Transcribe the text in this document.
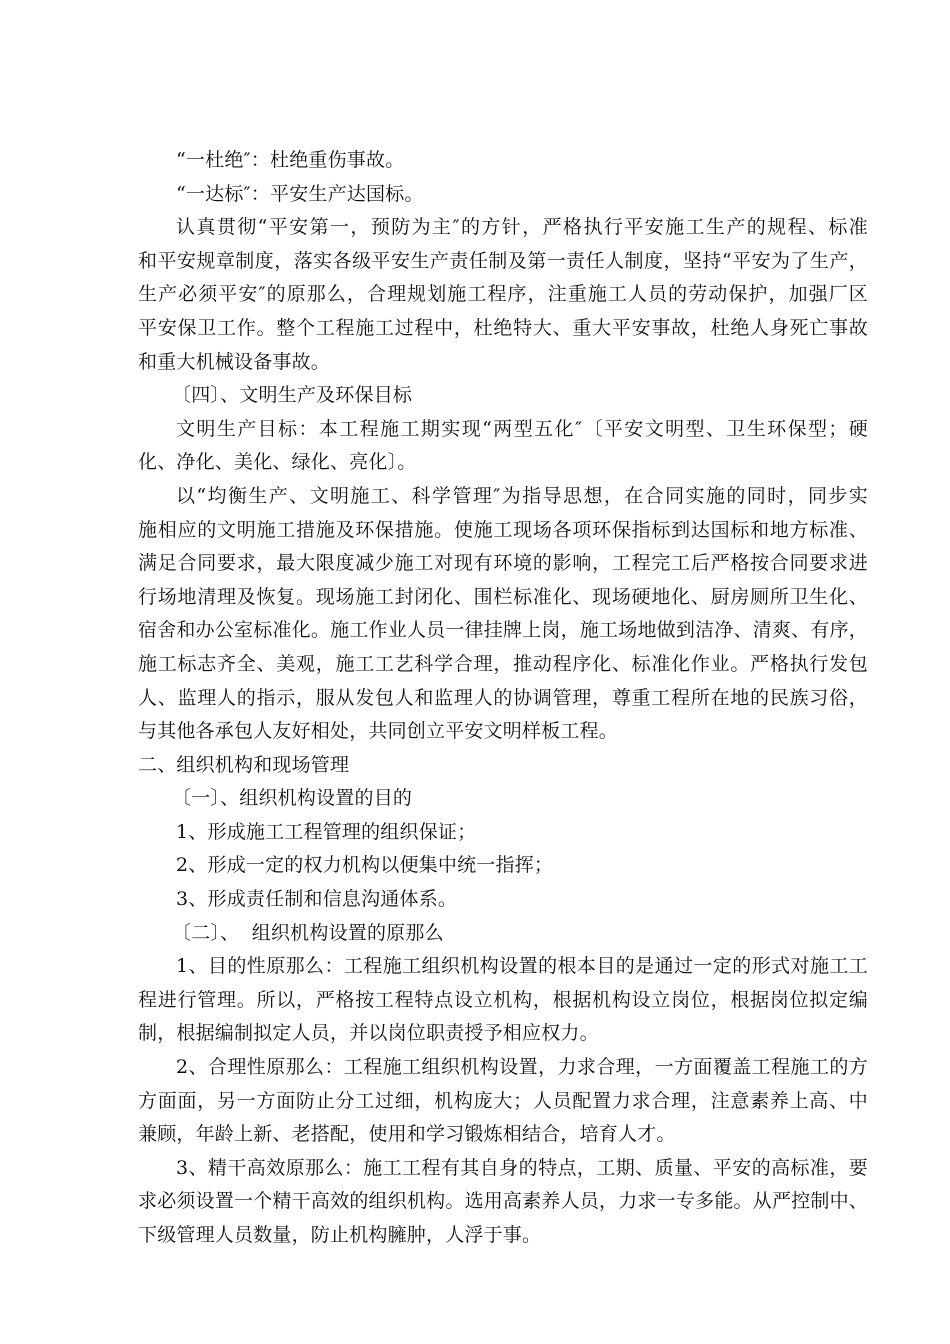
“一杜绝″：杜绝重伤事故。
“一达标″：平安生产达国标。
认真贯彻“平安第一，预防为主″的方针，严格执行平安施工生产的规程、标准
和平安规章制度，落实各级平安生产责任制及第一责任人制度，坚持“平安为了生产，
生产必须平安″的原那么，合理规划施工程序，注重施工人员的劳动保护，加强厂区
平安保卫工作。整个工程施工过程中，杜绝特大、重大平安事故，杜绝人身死亡事故
和重大机械设备事故。
〔四〕、文明生产及环保目标
文明生产目标：本工程施工期实现“两型五化″〔平安文明型、卫生环保型；硬
化、净化、美化、绿化、亮化〕。
以“均衡生产、文明施工、科学管理″为指导思想，在合同实施的同时，同步实
施相应的文明施工措施及环保措施。使施工现场各项环保指标到达国标和地方标准、
满足合同要求，最大限度减少施工对现有环境的影响，工程完工后严格按合同要求进
行场地清理及恢复。现场施工封闭化、围栏标准化、现场硬地化、厨房厕所卫生化、
宿舍和办公室标准化。施工作业人员一律挂牌上岗，施工场地做到洁净、清爽、有序，
施工标志齐全、美观，施工工艺科学合理，推动程序化、标准化作业。严格执行发包
人、监理人的指示，服从发包人和监理人的协调管理，尊重工程所在地的民族习俗，
与其他各承包人友好相处，共同创立平安文明样板工程。
二、组织机构和现场管理
〔一〕、组织机构设置的目的
1、形成施工工程管理的组织保证；
2、形成一定的权力机构以便集中统一指挥；
3、形成责任制和信息沟通体系。
〔二〕、  组织机构设置的原那么
1、目的性原那么：工程施工组织机构设置的根本目的是通过一定的形式对施工工
程进行管理。所以，严格按工程特点设立机构，根据机构设立岗位，根据岗位拟定编
制，根据编制拟定人员，并以岗位职责授予相应权力。
2、合理性原那么：工程施工组织机构设置，力求合理，一方面覆盖工程施工的方
方面面，另一方面防止分工过细，机构庞大；人员配置力求合理，注意素养上高、中
兼顾，年龄上新、老搭配，使用和学习锻炼相结合，培育人才。
3、精干高效原那么：施工工程有其自身的特点，工期、质量、平安的高标准，要
求必须设置一个精干高效的组织机构。选用高素养人员，力求一专多能。从严控制中、
下级管理人员数量，防止机构臃肿，人浮于事。
